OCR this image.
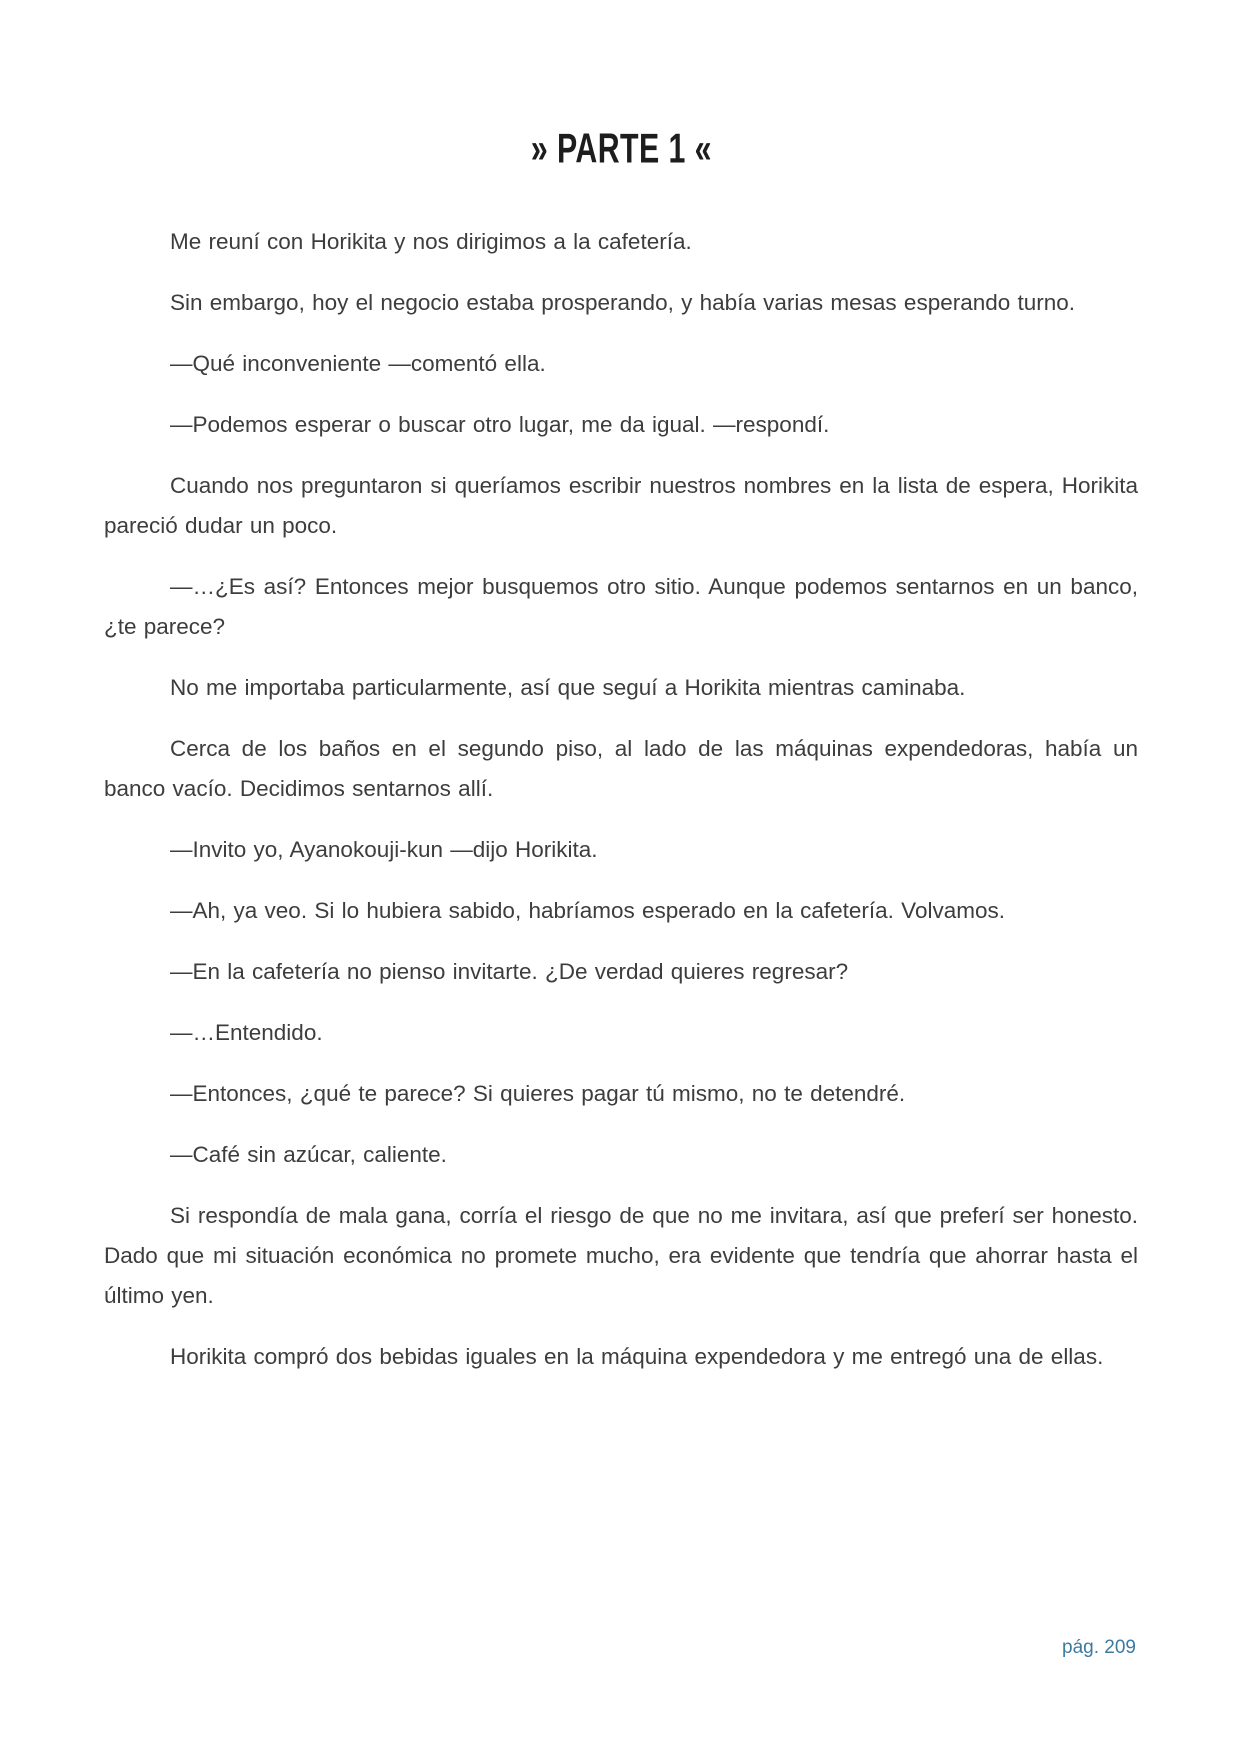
» PARTE 1 «

Me reuní con Horikita y nos dirigimos a la cafetería.

Sin embargo, hoy el negocio estaba prosperando, y había varias mesas esperando turno.

—Qué inconveniente —comentó ella.

—Podemos esperar o buscar otro lugar, me da igual. —respondí.

Cuando nos preguntaron si queríamos escribir nuestros nombres en la lista de espera, Horikita pareció dudar un poco.

—…¿Es así? Entonces mejor busquemos otro sitio. Aunque podemos sentarnos en un banco, ¿te parece?

No me importaba particularmente, así que seguí a Horikita mientras caminaba.

Cerca de los baños en el segundo piso, al lado de las máquinas expendedoras, había un banco vacío. Decidimos sentarnos allí.

—Invito yo, Ayanokouji-kun —dijo Horikita.

—Ah, ya veo. Si lo hubiera sabido, habríamos esperado en la cafetería. Volvamos.

—En la cafetería no pienso invitarte. ¿De verdad quieres regresar?

—…Entendido.

—Entonces, ¿qué te parece? Si quieres pagar tú mismo, no te detendré.

—Café sin azúcar, caliente.

Si respondía de mala gana, corría el riesgo de que no me invitara, así que preferí ser honesto. Dado que mi situación económica no promete mucho, era evidente que tendría que ahorrar hasta el último yen.

Horikita compró dos bebidas iguales en la máquina expendedora y me entregó una de ellas.

pág. 209
